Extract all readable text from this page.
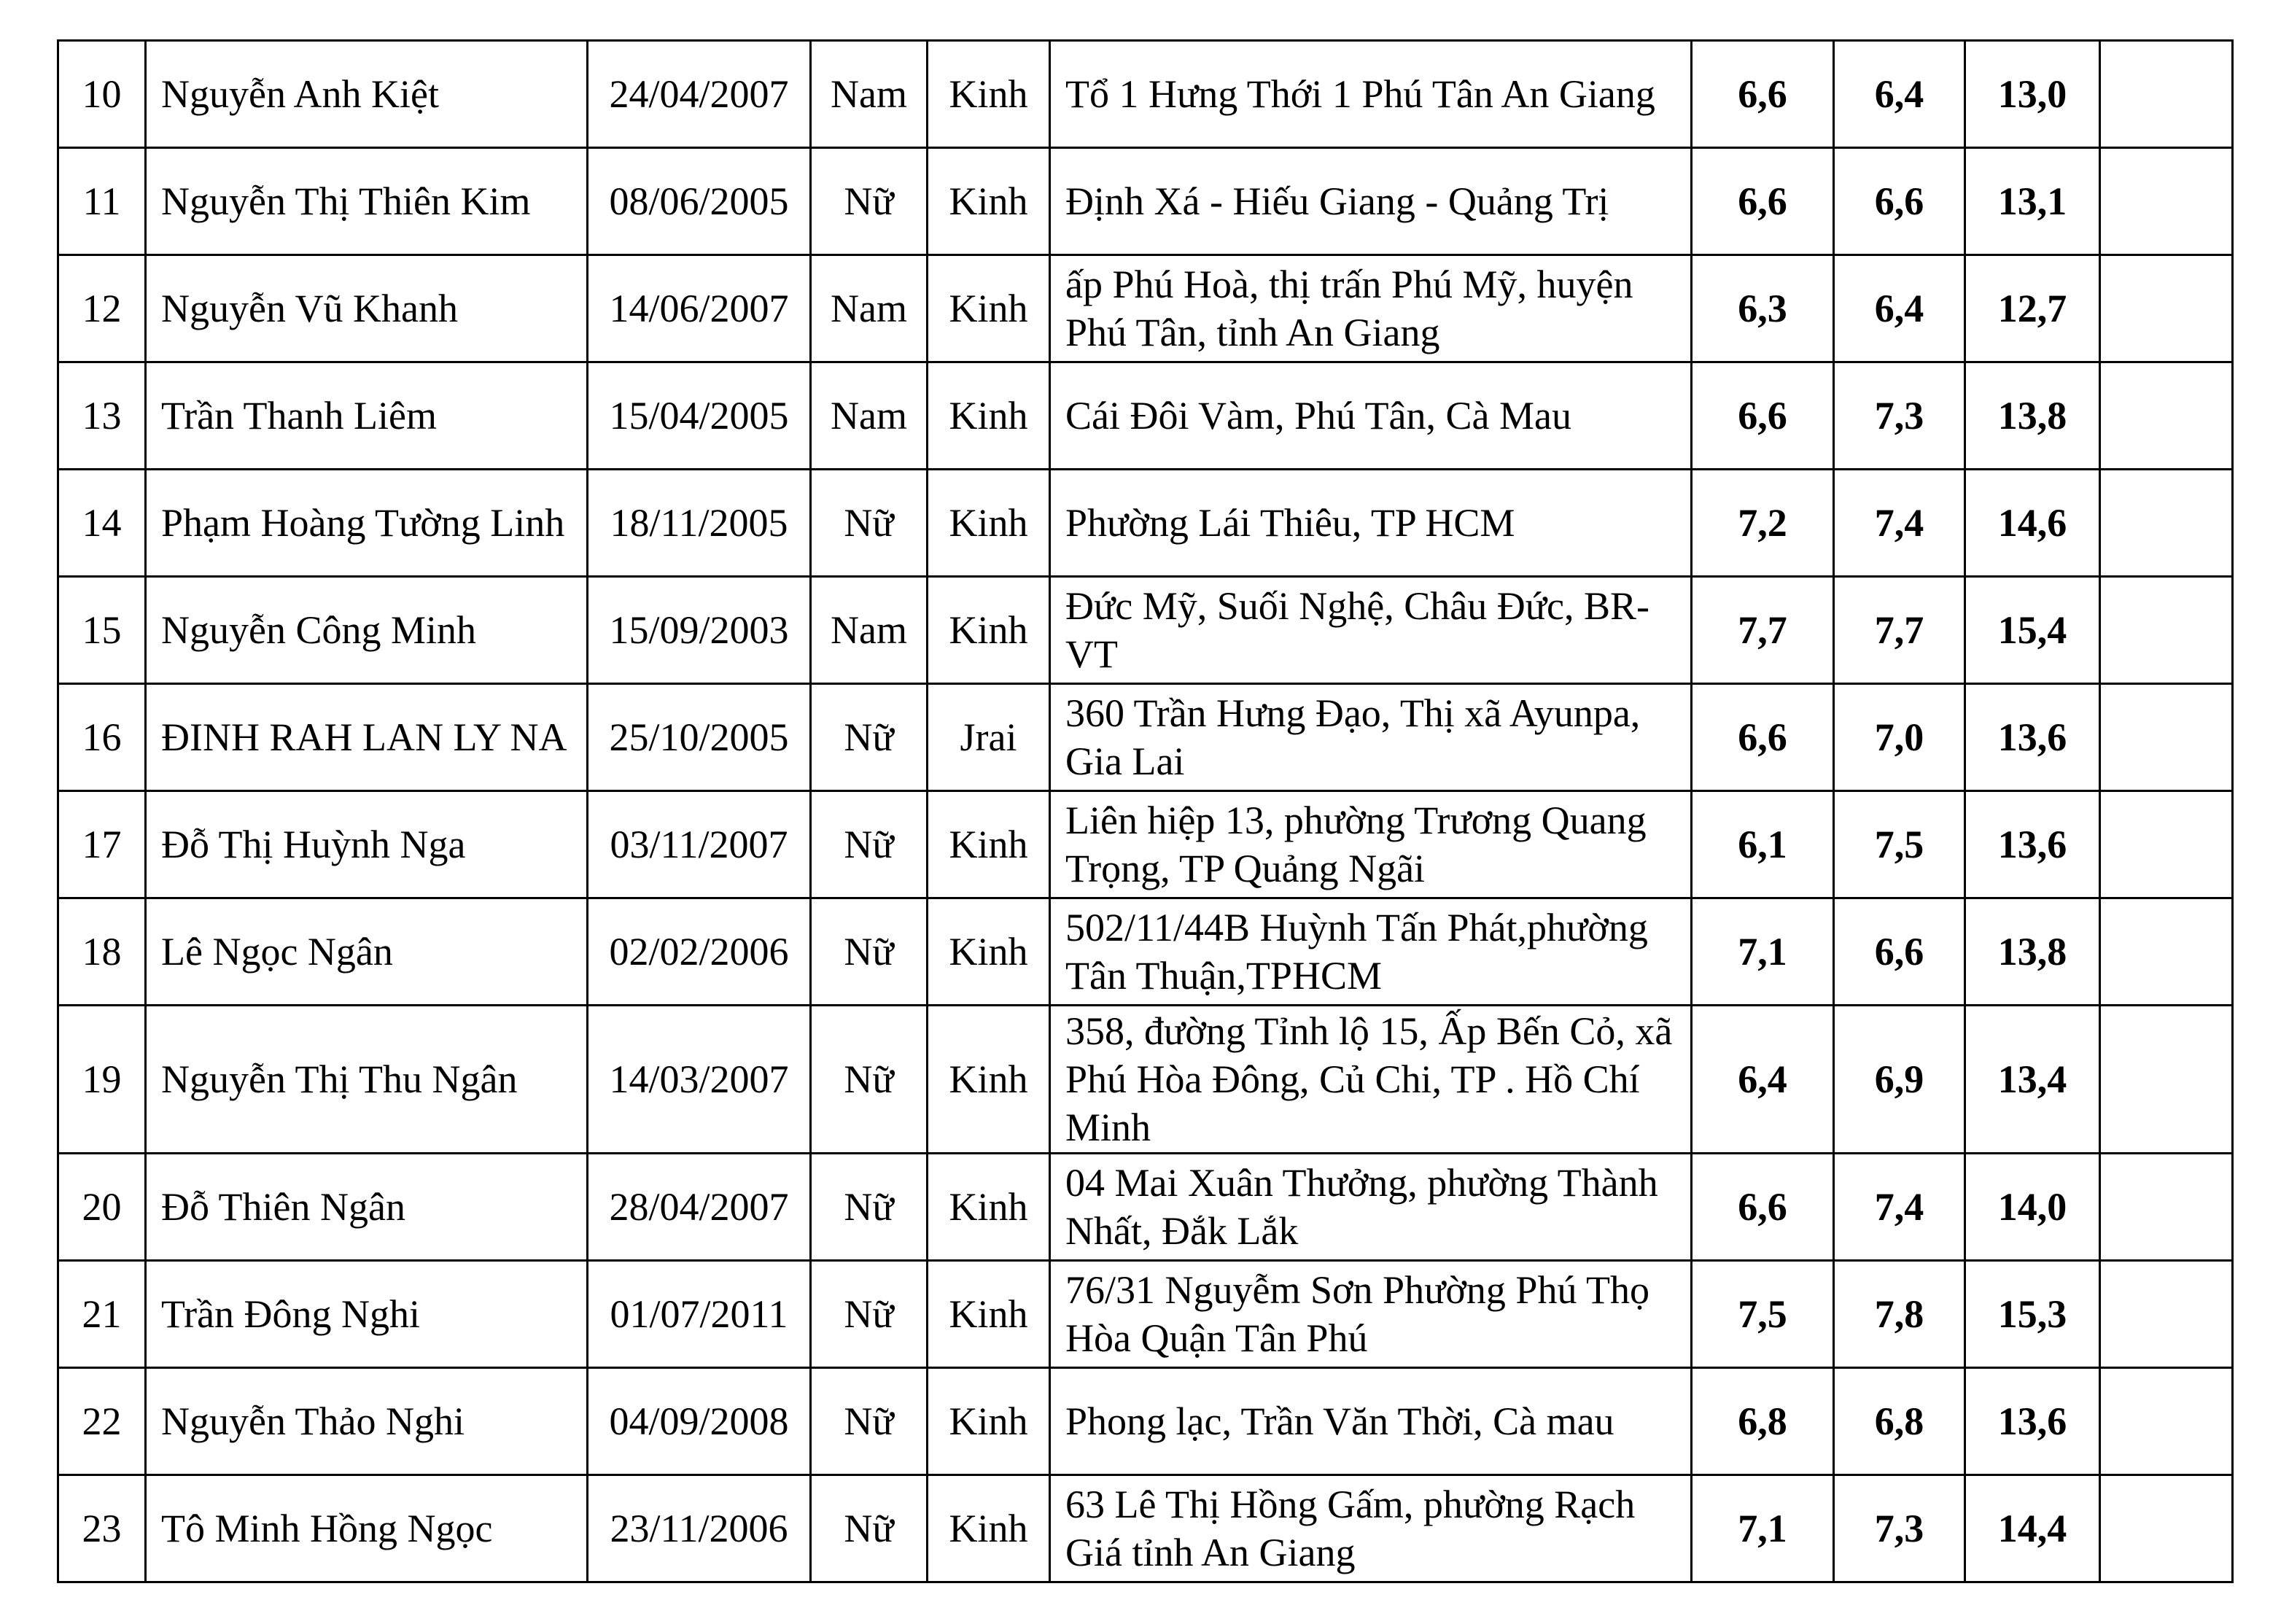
10	Nguyễn Anh Kiệt	24/04/2007	Nam	Kinh	Tổ 1 Hưng Thới 1 Phú Tân An Giang	6,6	6,4	13,0	
11	Nguyễn Thị Thiên Kim	08/06/2005	Nữ	Kinh	Định Xá - Hiếu Giang - Quảng Trị	6,6	6,6	13,1	
12	Nguyễn Vũ Khanh	14/06/2007	Nam	Kinh	ấp Phú Hoà, thị trấn Phú Mỹ, huyện Phú Tân, tỉnh An Giang	6,3	6,4	12,7	
13	Trần Thanh Liêm	15/04/2005	Nam	Kinh	Cái Đôi Vàm, Phú Tân, Cà Mau	6,6	7,3	13,8	
14	Phạm Hoàng Tường Linh	18/11/2005	Nữ	Kinh	Phường Lái Thiêu, TP HCM	7,2	7,4	14,6	
15	Nguyễn Công Minh	15/09/2003	Nam	Kinh	Đức Mỹ, Suối Nghệ, Châu Đức, BR-VT	7,7	7,7	15,4	
16	ĐINH RAH LAN LY NA	25/10/2005	Nữ	Jrai	360 Trần Hưng Đạo, Thị xã Ayunpa, Gia Lai	6,6	7,0	13,6	
17	Đỗ Thị Huỳnh Nga	03/11/2007	Nữ	Kinh	Liên hiệp 13, phường Trương Quang Trọng, TP Quảng Ngãi	6,1	7,5	13,6	
18	Lê Ngọc Ngân	02/02/2006	Nữ	Kinh	502/11/44B Huỳnh Tấn Phát,phường Tân Thuận,TPHCM	7,1	6,6	13,8	
19	Nguyễn Thị Thu Ngân	14/03/2007	Nữ	Kinh	358, đường Tỉnh lộ 15, Ấp Bến Cỏ, xã Phú Hòa Đông, Củ Chi, TP . Hồ Chí Minh	6,4	6,9	13,4	
20	Đỗ Thiên Ngân	28/04/2007	Nữ	Kinh	04 Mai Xuân Thưởng, phường Thành Nhất, Đắk Lắk	6,6	7,4	14,0	
21	Trần Đông Nghi	01/07/2011	Nữ	Kinh	76/31 Nguyễm Sơn Phường Phú Thọ Hòa Quận Tân Phú	7,5	7,8	15,3	
22	Nguyễn Thảo Nghi	04/09/2008	Nữ	Kinh	Phong lạc, Trần Văn Thời, Cà mau	6,8	6,8	13,6	
23	Tô Minh Hồng Ngọc	23/11/2006	Nữ	Kinh	63 Lê Thị Hồng Gấm, phường Rạch Giá tỉnh An Giang	7,1	7,3	14,4	
